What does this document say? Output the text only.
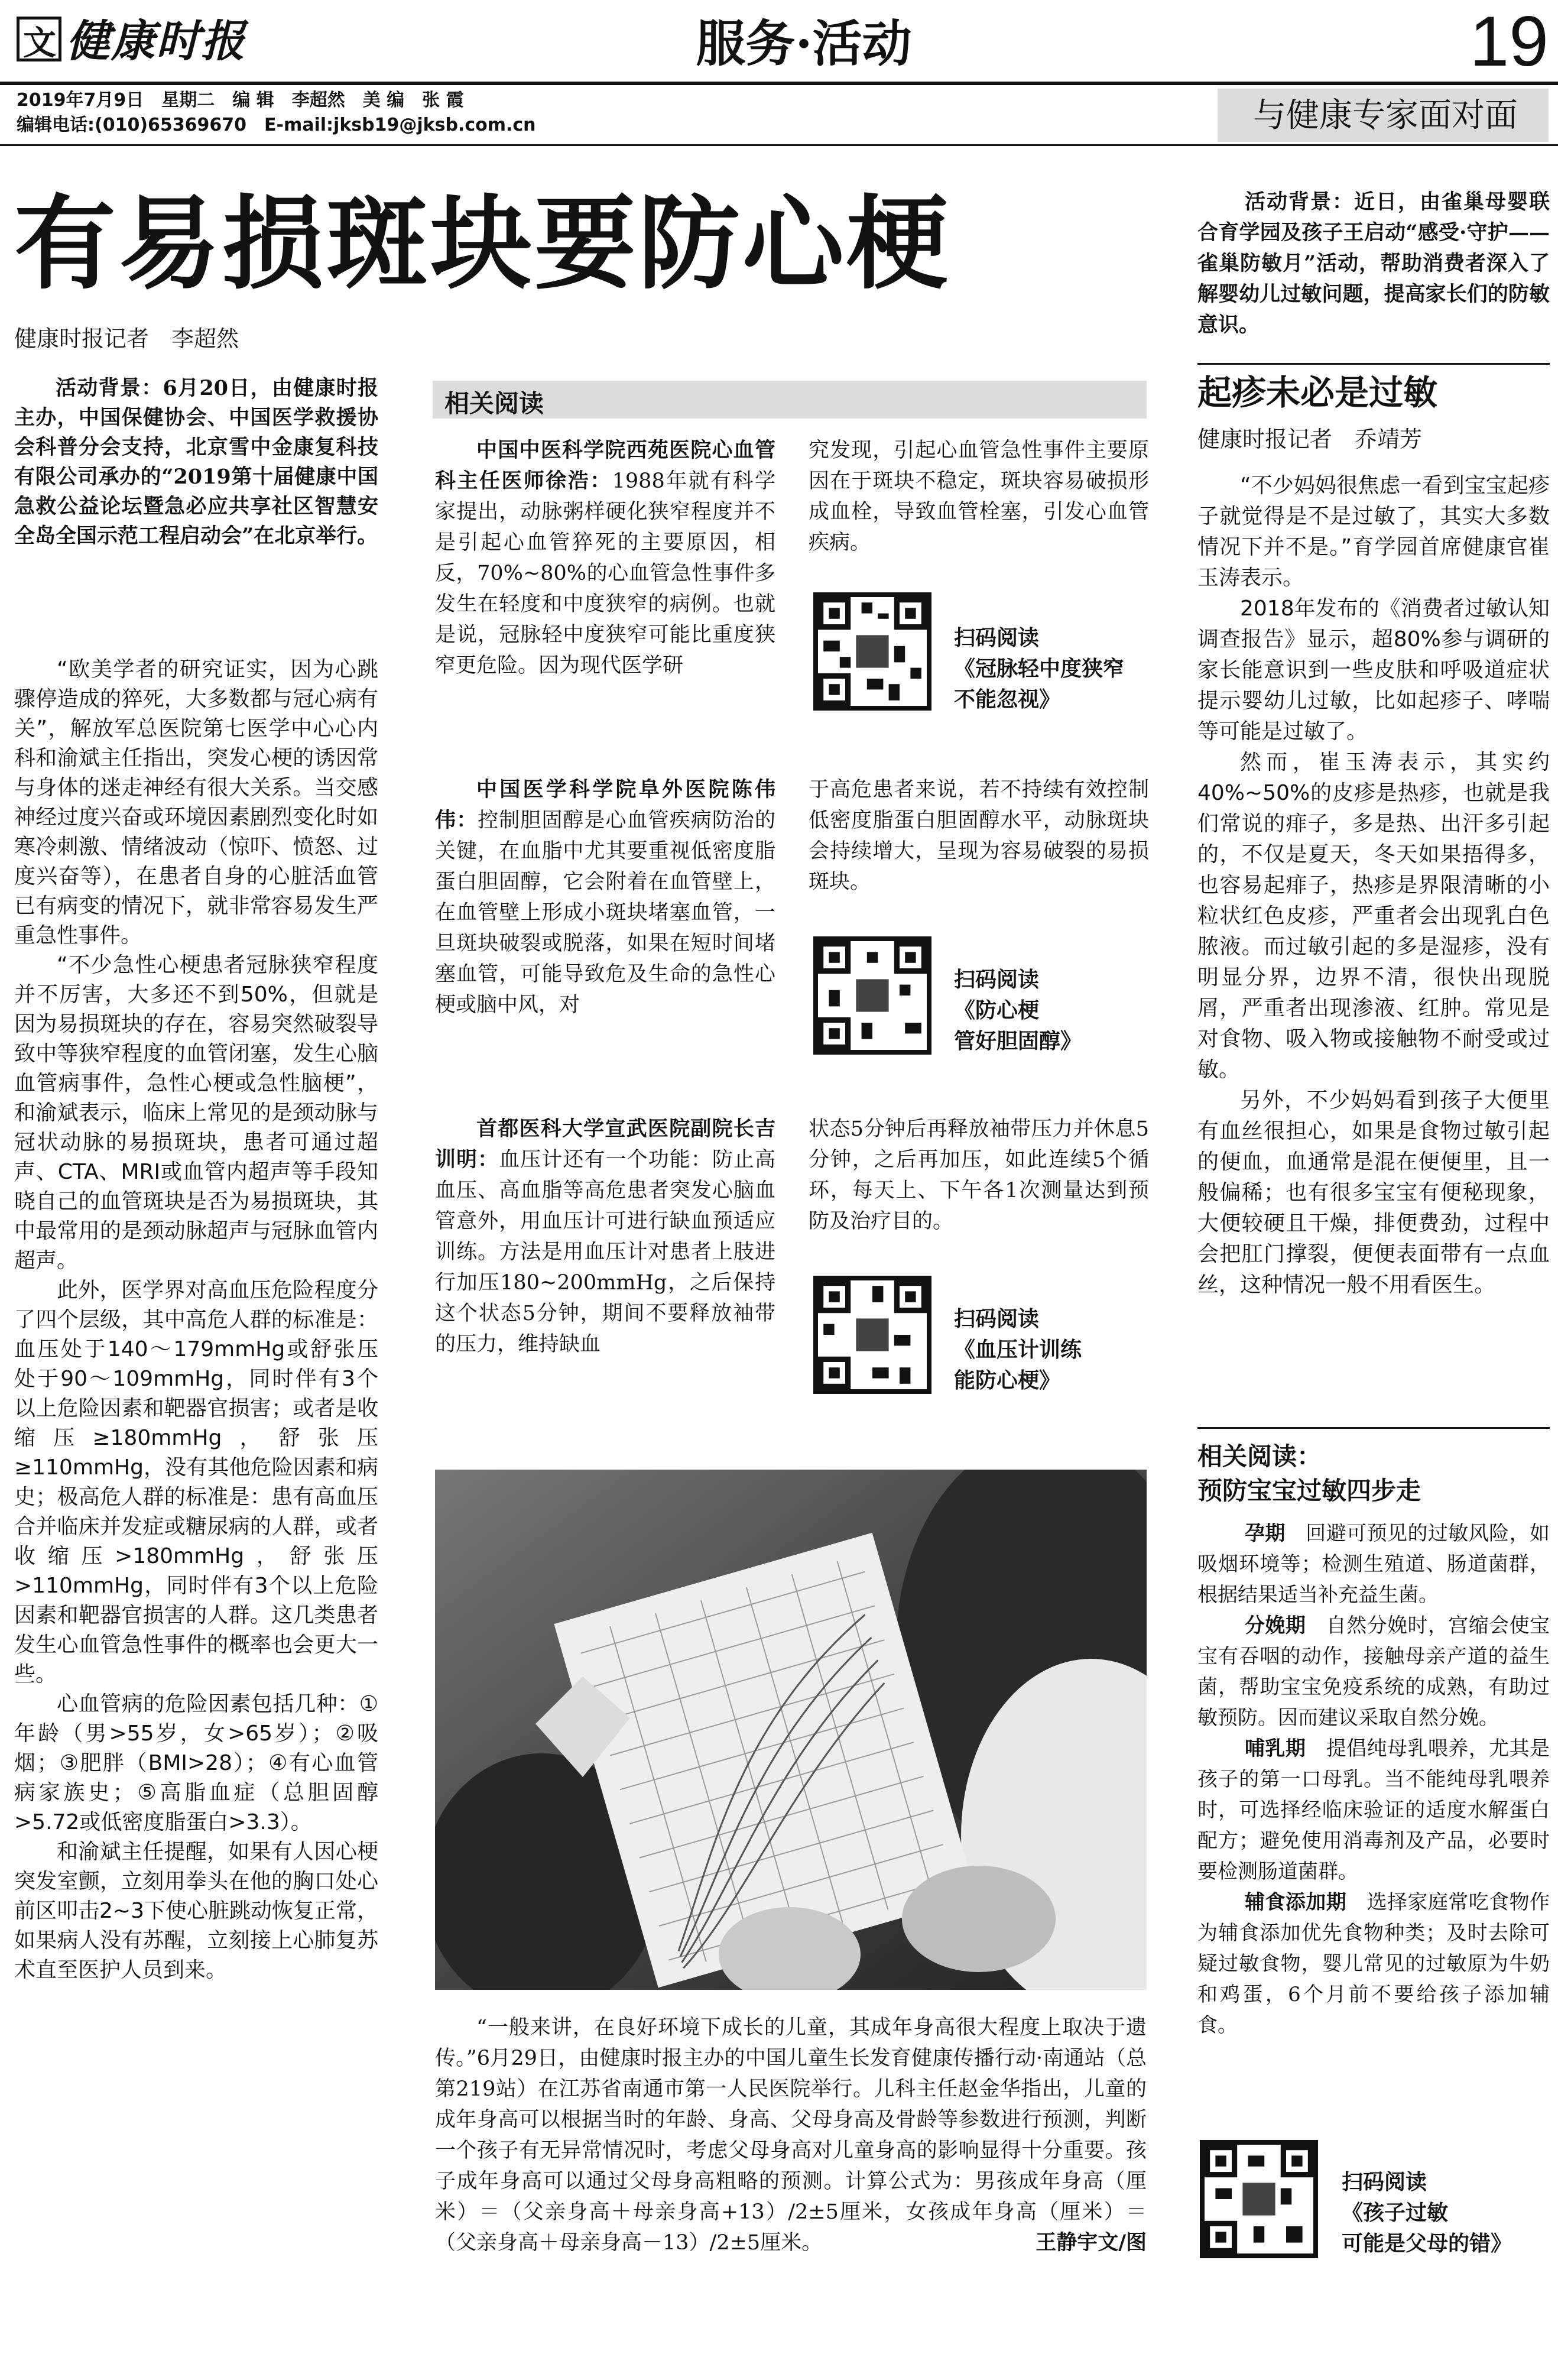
文 健康时报	服务·活动	19
2019年7月9日　星期二　编 辑　李超然　美 编　张 霞
编辑电话:(010)65369670　E-mail:jksb19@jksb.com.cn	与健康专家面对面
有易损斑块要防心梗
健康时报记者　李超然
活动背景：6月20日，由健康时报主办，中国保健协会、中国医学救援协会科普分会支持，北京雪中金康复科技有限公司承办的“2019第十届健康中国急救公益论坛暨急必应共享社区智慧安全岛全国示范工程启动会”在北京举行。

“欧美学者的研究证实，因为心跳骤停造成的猝死，大多数都与冠心病有关”，解放军总医院第七医学中心心内科和渝斌主任指出，突发心梗的诱因常与身体的迷走神经有很大关系。当交感神经过度兴奋或环境因素剧烈变化时如寒冷刺激、情绪波动（惊吓、愤怒、过度兴奋等），在患者自身的心脏活血管已有病变的情况下，就非常容易发生严重急性事件。

“不少急性心梗患者冠脉狭窄程度并不厉害，大多还不到50%，但就是因为易损斑块的存在，容易突然破裂导致中等狭窄程度的血管闭塞，发生心脑血管病事件，急性心梗或急性脑梗”，和渝斌表示，临床上常见的是颈动脉与冠状动脉的易损斑块，患者可通过超声、CTA、MRI或血管内超声等手段知晓自己的血管斑块是否为易损斑块，其中最常用的是颈动脉超声与冠脉血管内超声。

此外，医学界对高血压危险程度分了四个层级，其中高危人群的标准是：血压处于140～179mmHg或舒张压处于90～109mmHg，同时伴有3个以上危险因素和靶器官损害；或者是收缩压≥180mmHg，舒张压≥110mmHg，没有其他危险因素和病史；极高危人群的标准是：患有高血压合并临床并发症或糖尿病的人群，或者收缩压>180mmHg，舒张压>110mmHg，同时伴有3个以上危险因素和靶器官损害的人群。这几类患者发生心血管急性事件的概率也会更大一些。

心血管病的危险因素包括几种：①年龄（男>55岁，女>65岁）；②吸烟；③肥胖（BMI>28）；④有心血管病家族史；⑤高脂血症（总胆固醇>5.72或低密度脂蛋白>3.3）。

和渝斌主任提醒，如果有人因心梗突发室颤，立刻用拳头在他的胸口处心前区叩击2~3下使心脏跳动恢复正常，如果病人没有苏醒，立刻接上心肺复苏术直至医护人员到来。

相关阅读
中国中医科学院西苑医院心血管科主任医师徐浩：1988年就有科学家提出，动脉粥样硬化狭窄程度并不是引起心血管猝死的主要原因，相反，70%~80%的心血管急性事件多发生在轻度和中度狭窄的病例。也就是说，冠脉轻中度狭窄可能比重度狭窄更危险。因为现代医学研
究发现，引起心血管急性事件主要原因在于斑块不稳定，斑块容易破损形成血栓，导致血管栓塞，引发心血管疾病。
扫码阅读
《冠脉轻中度狭窄
不能忽视》
中国医学科学院阜外医院陈伟伟：控制胆固醇是心血管疾病防治的关键，在血脂中尤其要重视低密度脂蛋白胆固醇，它会附着在血管壁上，在血管壁上形成小斑块堵塞血管，一旦斑块破裂或脱落，如果在短时间堵塞血管，可能导致危及生命的急性心梗或脑中风，对
于高危患者来说，若不持续有效控制低密度脂蛋白胆固醇水平，动脉斑块会持续增大，呈现为容易破裂的易损斑块。
扫码阅读
《防心梗
管好胆固醇》
首都医科大学宣武医院副院长吉训明：血压计还有一个功能：防止高血压、高血脂等高危患者突发心脑血管意外，用血压计可进行缺血预适应训练。方法是用血压计对患者上肢进行加压180~200mmHg，之后保持这个状态5分钟，期间不要释放袖带的压力，维持缺血
状态5分钟后再释放袖带压力并休息5分钟，之后再加压，如此连续5个循环，每天上、下午各1次测量达到预防及治疗目的。
扫码阅读
《血压计训练
能防心梗》
“一般来讲，在良好环境下成长的儿童，其成年身高很大程度上取决于遗传。”6月29日，由健康时报主办的中国儿童生长发育健康传播行动·南通站（总第219站）在江苏省南通市第一人民医院举行。儿科主任赵金华指出，儿童的成年身高可以根据当时的年龄、身高、父母身高及骨龄等参数进行预测，判断一个孩子有无异常情况时，考虑父母身高对儿童身高的影响显得十分重要。孩子成年身高可以通过父母身高粗略的预测。计算公式为：男孩成年身高（厘米）＝（父亲身高＋母亲身高+13）/2±5厘米，女孩成年身高（厘米）＝（父亲身高＋母亲身高－13）/2±5厘米。	王静宇文/图
活动背景：近日，由雀巢母婴联合育学园及孩子王启动“感受·守护——雀巢防敏月”活动，帮助消费者深入了解婴幼儿过敏问题，提高家长们的防敏意识。
起疹未必是过敏
健康时报记者　乔靖芳

“不少妈妈很焦虑一看到宝宝起疹子就觉得是不是过敏了，其实大多数情况下并不是。”育学园首席健康官崔玉涛表示。

2018年发布的《消费者过敏认知调查报告》显示，超80%参与调研的家长能意识到一些皮肤和呼吸道症状提示婴幼儿过敏，比如起疹子、哮喘等可能是过敏了。

然而，崔玉涛表示，其实约40%~50%的皮疹是热疹，也就是我们常说的痱子，多是热、出汗多引起的，不仅是夏天，冬天如果捂得多，也容易起痱子，热疹是界限清晰的小粒状红色皮疹，严重者会出现乳白色脓液。而过敏引起的多是湿疹，没有明显分界，边界不清，很快出现脱屑，严重者出现渗液、红肿。常见是对食物、吸入物或接触物不耐受或过敏。

另外，不少妈妈看到孩子大便里有血丝很担心，如果是食物过敏引起的便血，血通常是混在便便里，且一般偏稀；也有很多宝宝有便秘现象，大便较硬且干燥，排便费劲，过程中会把肛门撑裂，便便表面带有一点血丝，这种情况一般不用看医生。

相关阅读：
预防宝宝过敏四步走

孕期　 回避可预见的过敏风险，如吸烟环境等；检测生殖道、肠道菌群，根据结果适当补充益生菌。

分娩期　 自然分娩时，宫缩会使宝宝有吞咽的动作，接触母亲产道的益生菌，帮助宝宝免疫系统的成熟，有助过敏预防。因而建议采取自然分娩。

哺乳期　 提倡纯母乳喂养，尤其是孩子的第一口母乳。当不能纯母乳喂养时，可选择经临床验证的适度水解蛋白配方；避免使用消毒剂及产品，必要时要检测肠道菌群。

辅食添加期　 选择家庭常吃食物作为辅食添加优先食物种类；及时去除可疑过敏食物，婴儿常见的过敏原为牛奶和鸡蛋，6个月前不要给孩子添加辅食。

扫码阅读
《孩子过敏
可能是父母的错》
